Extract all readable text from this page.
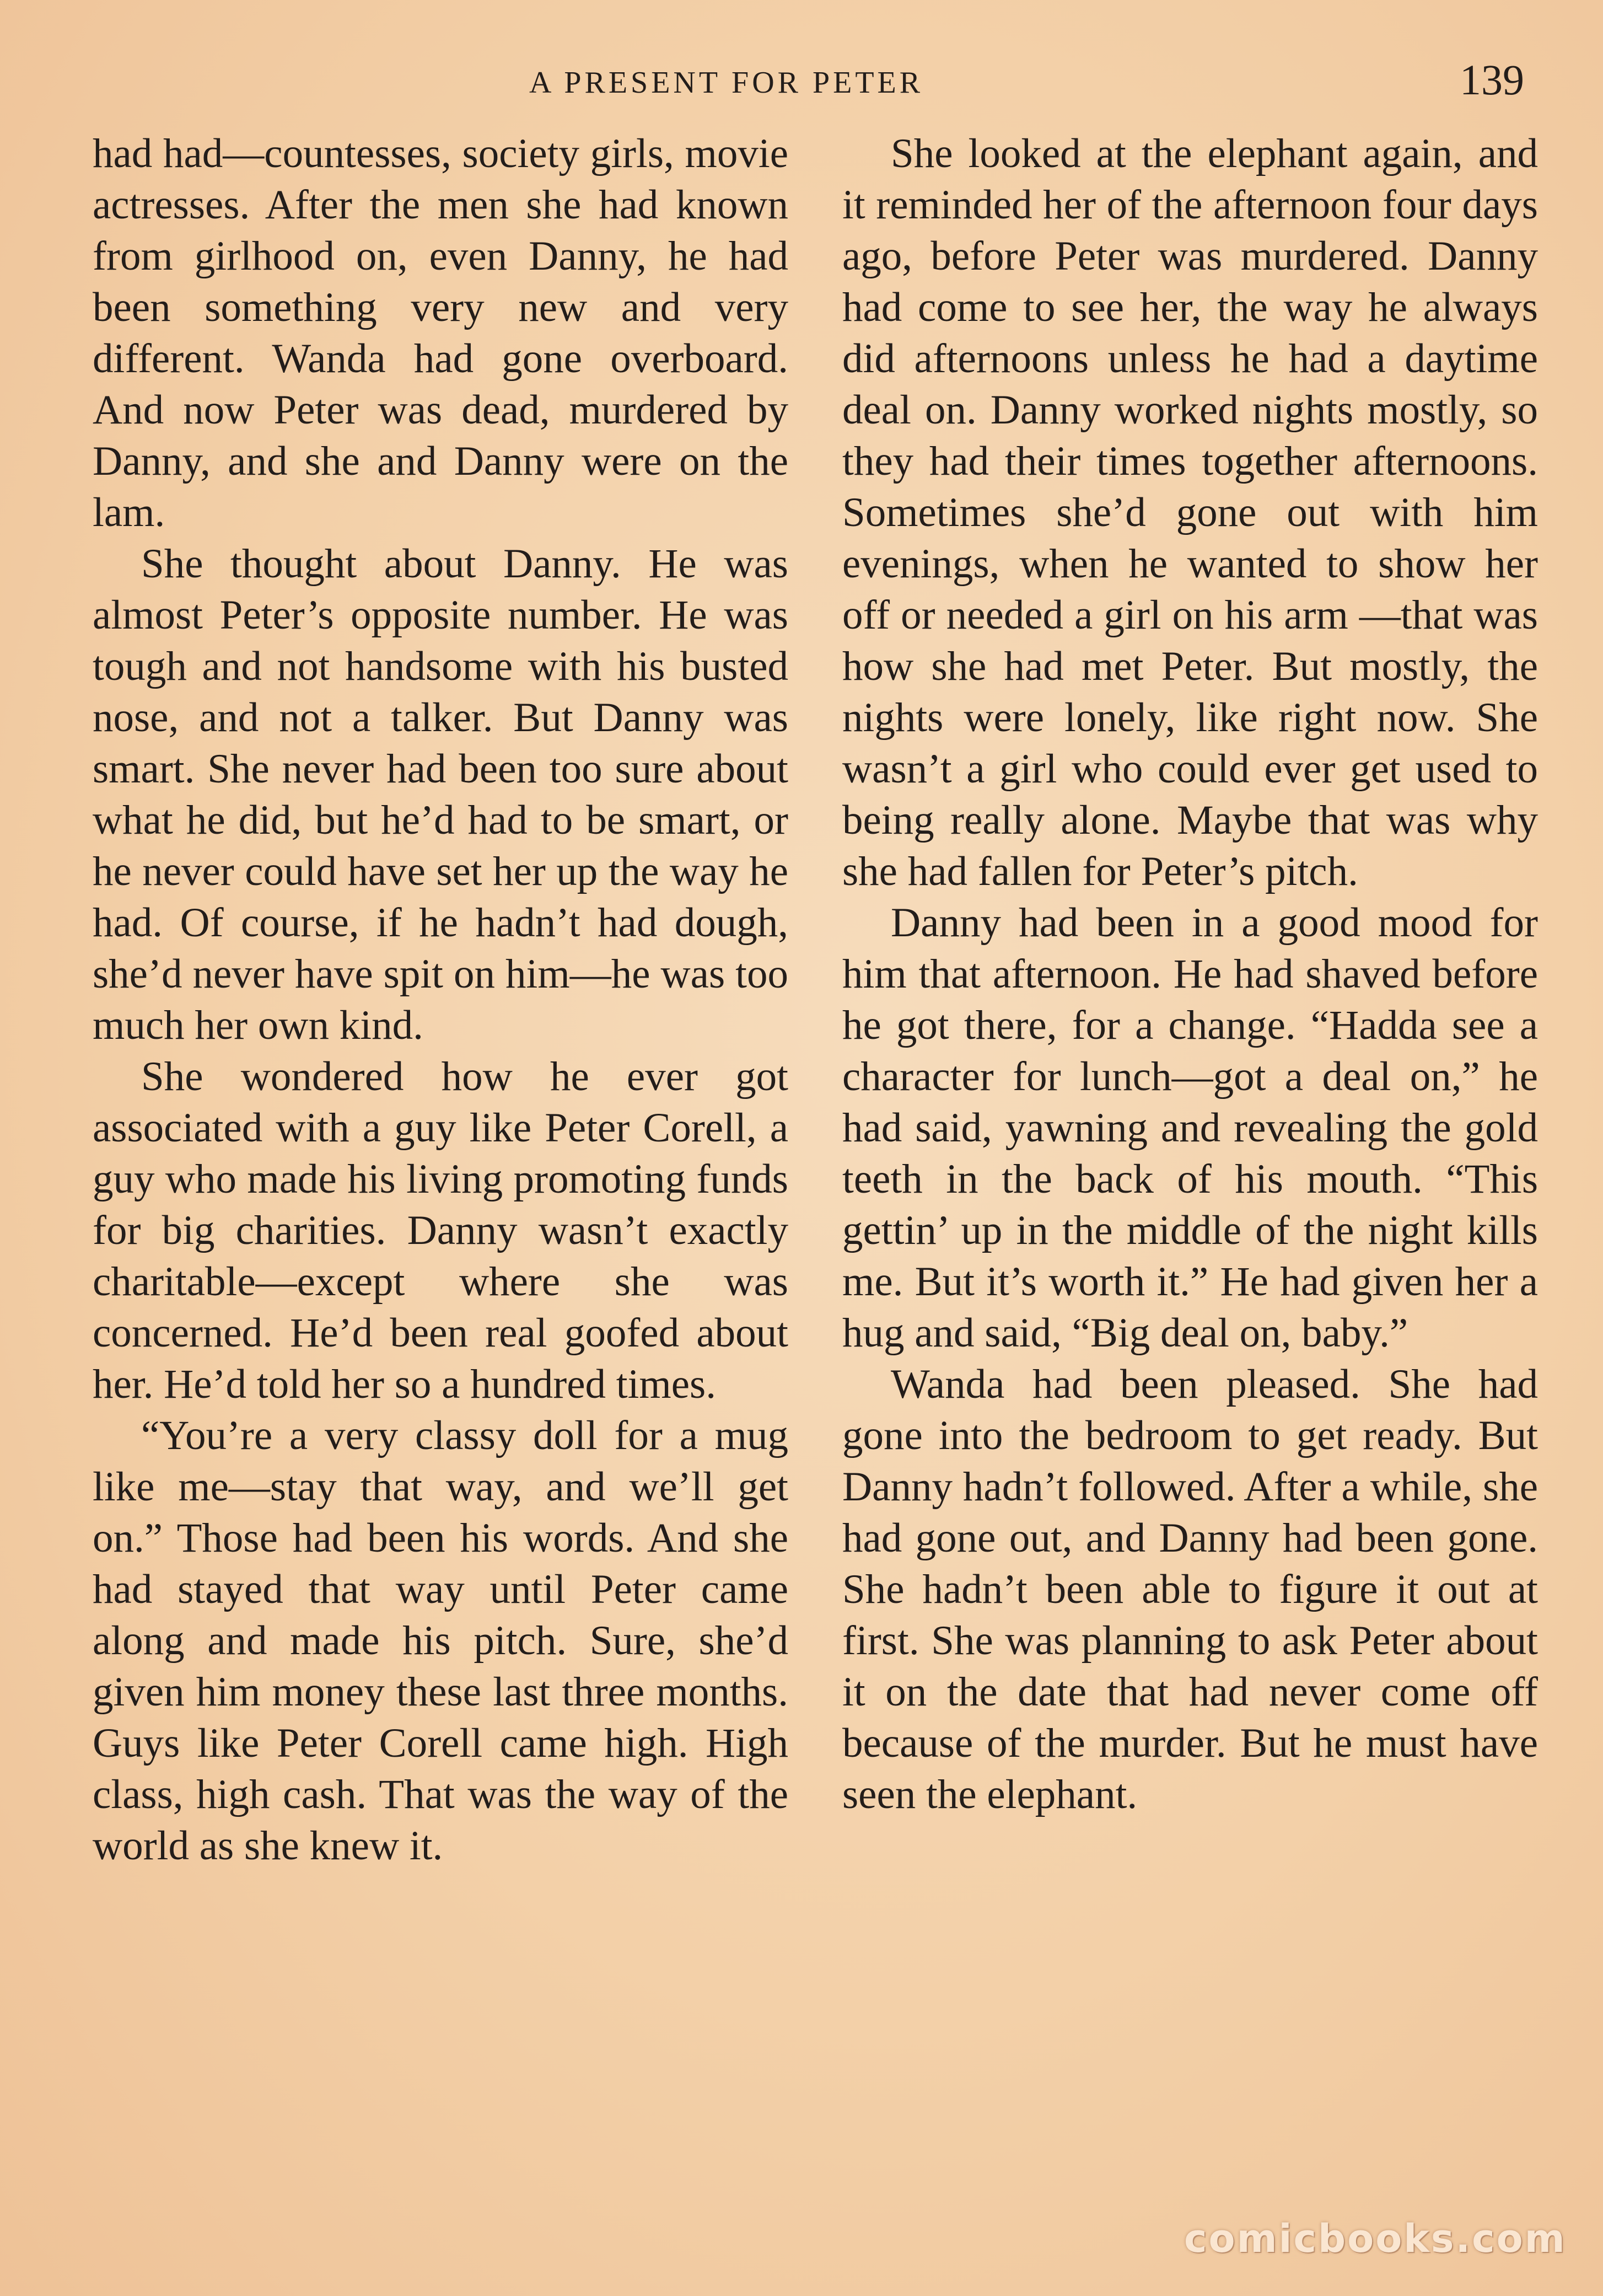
A PRESENT FOR PETER	139

had had—countesses, society girls, movie actresses. After the men she had known from girlhood on, even Danny, he had been something very new and very different. Wanda had gone overboard. And now Peter was dead, murdered by Danny, and she and Danny were on the lam.

She thought about Danny. He was almost Peter’s opposite number. He was tough and not handsome with his busted nose, and not a talker. But Danny was smart. She never had been too sure about what he did, but he’d had to be smart, or he never could have set her up the way he had. Of course, if he hadn’t had dough, she’d never have spit on him—he was too much her own kind.

She wondered how he ever got associated with a guy like Peter Corell, a guy who made his living promoting funds for big charities. Danny wasn’t exactly charitable—except where she was concerned. He’d been real goofed about her. He’d told her so a hundred times.

“You’re a very classy doll for a mug like me—stay that way, and we’ll get on.” Those had been his words. And she had stayed that way until Peter came along and made his pitch. Sure, she’d given him money these last three months. Guys like Peter Corell came high. High class, high cash. That was the way of the world as she knew it.

She looked at the elephant again, and it reminded her of the afternoon four days ago, before Peter was murdered. Danny had come to see her, the way he always did afternoons unless he had a daytime deal on. Danny worked nights mostly, so they had their times together afternoons. Sometimes she’d gone out with him evenings, when he wanted to show her off or needed a girl on his arm —that was how she had met Peter. But mostly, the nights were lonely, like right now. She wasn’t a girl who could ever get used to being really alone. Maybe that was why she had fallen for Peter’s pitch.

Danny had been in a good mood for him that afternoon. He had shaved before he got there, for a change. “Hadda see a character for lunch—got a deal on,” he had said, yawning and revealing the gold teeth in the back of his mouth. “This gettin’ up in the middle of the night kills me. But it’s worth it.” He had given her a hug and said, “Big deal on, baby.”

Wanda had been pleased. She had gone into the bedroom to get ready. But Danny hadn’t followed. After a while, she had gone out, and Danny had been gone. She hadn’t been able to figure it out at first. She was planning to ask Peter about it on the date that had never come off because of the murder. But he must have seen the elephant.

comicbooks.com
